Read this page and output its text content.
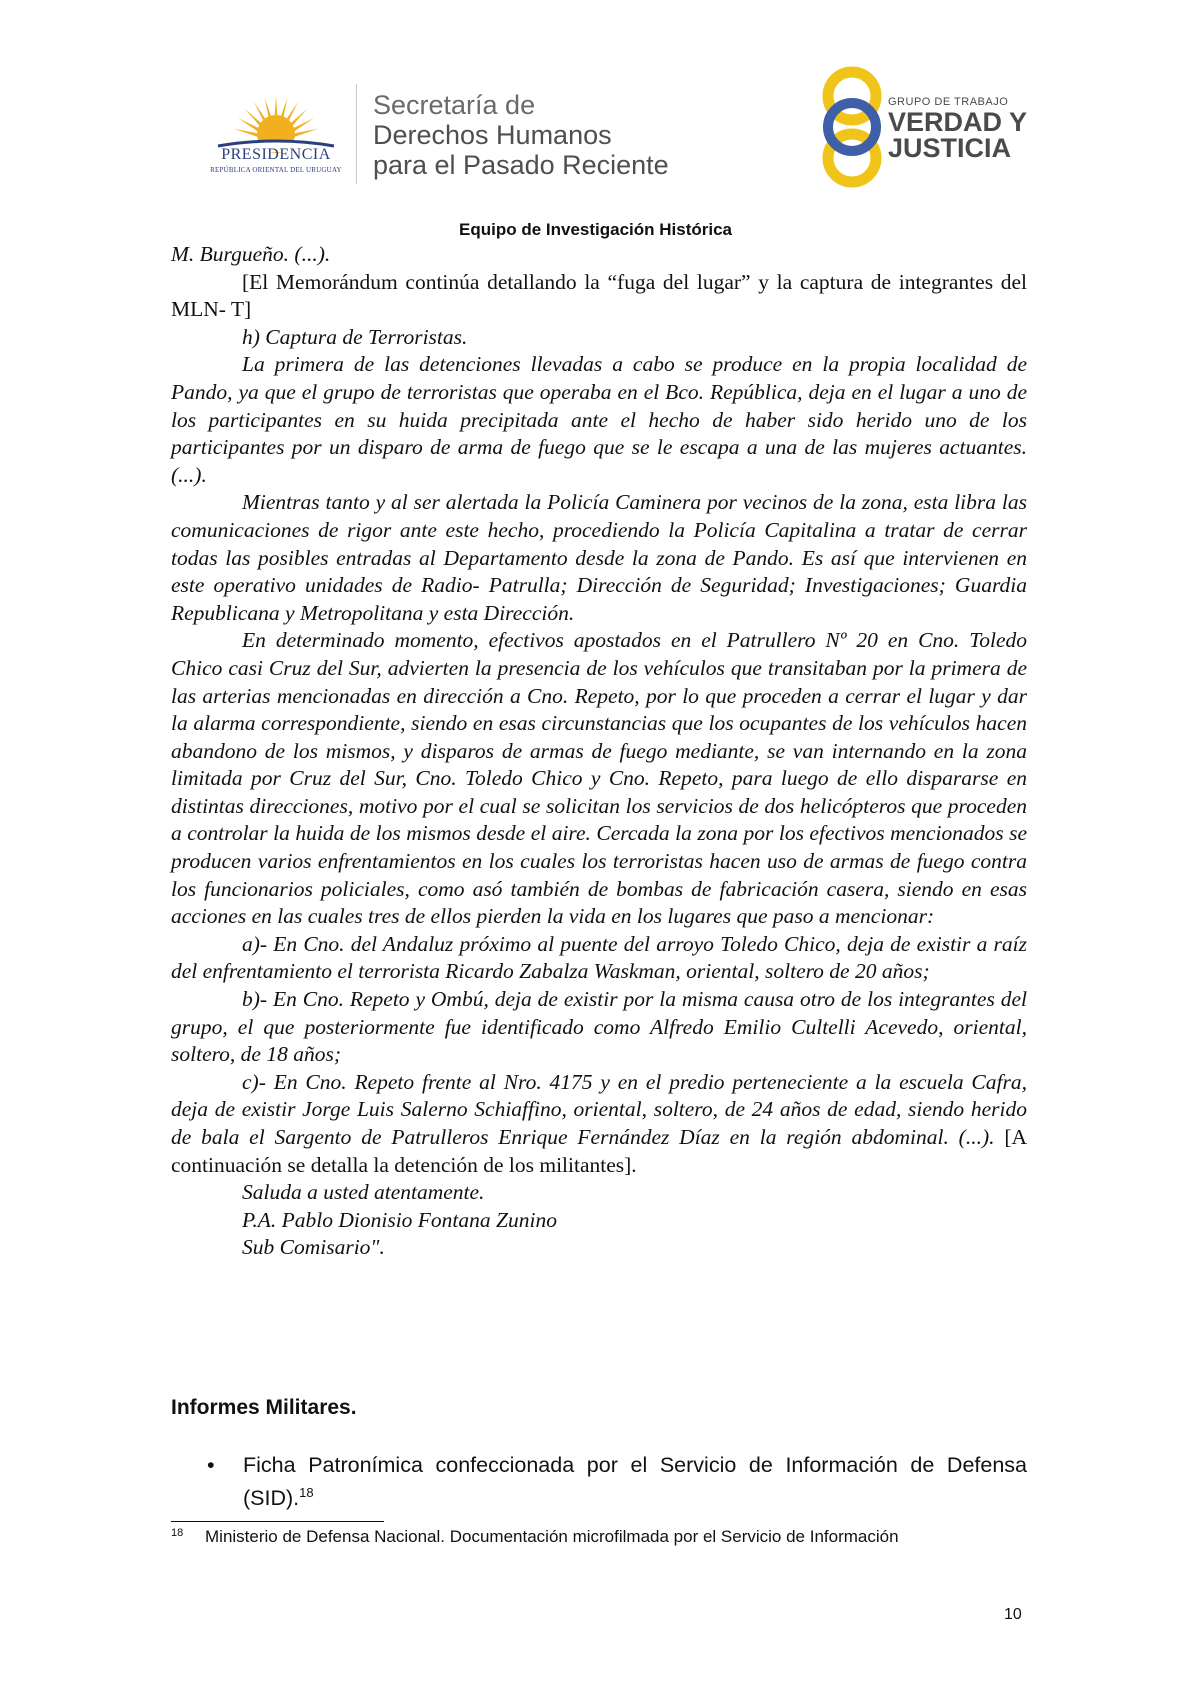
PRESIDENCIA
REPÚBLICA ORIENTAL DEL URUGUAY
Secretaría de
Derechos Humanos
para el Pasado Reciente
GRUPO DE TRABAJO
VERDAD Y
JUSTICIA
Equipo de Investigación Histórica

M. Burgueño. (...).

[El Memorándum continúa detallando la “fuga del lugar” y la captura de integrantes del MLN- T]

h) Captura de Terroristas.

La primera de las detenciones llevadas a cabo se produce en la propia localidad de Pando, ya que el grupo de terroristas que operaba en el Bco. República, deja en el lugar a uno de los participantes en su huida precipitada ante el hecho de haber sido herido uno de los participantes por un disparo de arma de fuego que se le escapa a una de las mujeres actuantes. (...).

Mientras tanto y al ser alertada la Policía Caminera por vecinos de la zona, esta libra las comunicaciones de rigor ante este hecho, procediendo la Policía Capitalina a tratar de cerrar todas las posibles entradas al Departamento desde la zona de Pando. Es así que intervienen en este operativo unidades de Radio- Patrulla; Dirección de Seguridad; Investigaciones; Guardia Republicana y Metropolitana y esta Dirección.

En determinado momento, efectivos apostados en el Patrullero Nº 20 en Cno. Toledo Chico casi Cruz del Sur, advierten la presencia de los vehículos que transitaban por la primera de las arterias mencionadas en dirección a Cno. Repeto, por lo que proceden a cerrar el lugar y dar la alarma correspondiente, siendo en esas circunstancias que los ocupantes de los vehículos hacen abandono de los mismos, y disparos de armas de fuego mediante, se van internando en la zona limitada por Cruz del Sur, Cno. Toledo Chico y Cno. Repeto, para luego de ello dispararse en distintas direcciones, motivo por el cual se solicitan los servicios de dos helicópteros que proceden a controlar la huida de los mismos desde el aire. Cercada la zona por los efectivos mencionados se producen varios enfrentamientos en los cuales los terroristas hacen uso de armas de fuego contra los funcionarios policiales, como asó también de bombas de fabricación casera, siendo en esas acciones en las cuales tres de ellos pierden la vida en los lugares que paso a mencionar:

a)- En Cno. del Andaluz próximo al puente del arroyo Toledo Chico, deja de existir a raíz del enfrentamiento el terrorista Ricardo Zabalza Waskman, oriental, soltero de 20 años;

b)- En Cno. Repeto y Ombú, deja de existir por la misma causa otro de los integrantes del grupo, el que posteriormente fue identificado como Alfredo Emilio Cultelli Acevedo, oriental, soltero, de 18 años;

c)- En Cno. Repeto frente al Nro. 4175 y en el predio perteneciente a la escuela Cafra, deja de existir Jorge Luis Salerno Schiaffino, oriental, soltero, de 24 años de edad, siendo herido de bala el Sargento de Patrulleros Enrique Fernández Díaz en la región abdominal. (...). [A continuación se detalla la detención de los militantes].

Saluda a usted atentamente.

P.A. Pablo Dionisio Fontana Zunino

Sub Comisario".

Informes Militares.
• Ficha Patronímica confeccionada por el Servicio de Información de Defensa (SID).$^{18}$
18 Ministerio de Defensa Nacional. Documentación microfilmada por el Servicio de Información
10
